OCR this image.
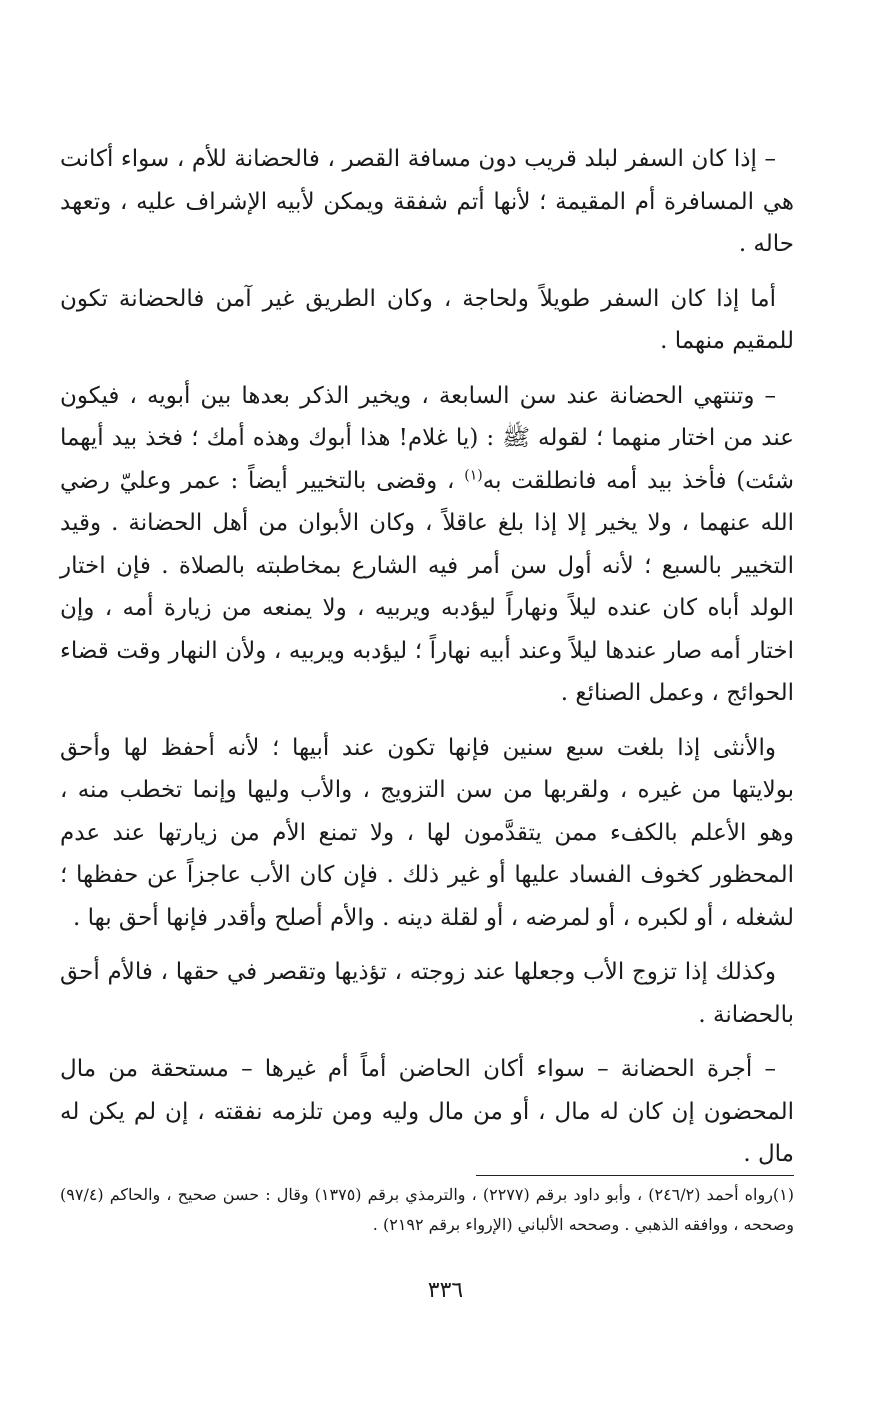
– إذا كان السفر لبلد قريب دون مسافة القصر ، فالحضانة للأم ، سواء أكانت هي المسافرة أم المقيمة ؛ لأنها أتم شفقة ويمكن لأبيه الإشراف عليه ، وتعهد حاله .

أما إذا كان السفر طويلاً ولحاجة ، وكان الطريق غير آمن فالحضانة تكون للمقيم منهما .

– وتنتهي الحضانة عند سن السابعة ، ويخير الذكر بعدها بين أبويه ، فيكون عند من اختار منهما ؛ لقوله ﷺ : (يا غلام! هذا أبوك وهذه أمك ؛ فخذ بيد أيهما شئت) فأخذ بيد أمه فانطلقت به$^{(١)}$ ، وقضى بالتخيير أيضاً : عمر وعليّ رضي الله عنهما ، ولا يخير إلا إذا بلغ عاقلاً ، وكان الأبوان من أهل الحضانة . وقيد التخيير بالسبع ؛ لأنه أول سن أمر فيه الشارع بمخاطبته بالصلاة . فإن اختار الولد أباه كان عنده ليلاً ونهاراً ليؤدبه ويربيه ، ولا يمنعه من زيارة أمه ، وإن اختار أمه صار عندها ليلاً وعند أبيه نهاراً ؛ ليؤدبه ويربيه ، ولأن النهار وقت قضاء الحوائج ، وعمل الصنائع .

والأنثى إذا بلغت سبع سنين فإنها تكون عند أبيها ؛ لأنه أحفظ لها وأحق بولايتها من غيره ، ولقربها من سن التزويج ، والأب وليها وإنما تخطب منه ، وهو الأعلم بالكفء ممن يتقدَّمون لها ، ولا تمنع الأم من زيارتها عند عدم المحظور كخوف الفساد عليها أو غير ذلك . فإن كان الأب عاجزاً عن حفظها ؛ لشغله ، أو لكبره ، أو لمرضه ، أو لقلة دينه . والأم أصلح وأقدر فإنها أحق بها .

وكذلك إذا تزوج الأب وجعلها عند زوجته ، تؤذيها وتقصر في حقها ، فالأم أحق بالحضانة .

– أجرة الحضانة – سواء أكان الحاضن أماً أم غيرها – مستحقة من مال المحضون إن كان له مال ، أو من مال وليه ومن تلزمه نفقته ، إن لم يكن له مال .

(١)رواه أحمد (٢٤٦/٢) ، وأبو داود برقم (٢٢٧٧) ، والترمذي برقم (١٣٧٥) وقال : حسن صحيح ، والحاكم (٩٧/٤) وصححه ، ووافقه الذهبي . وصححه الألباني (الإرواء برقم ٢١٩٢) .
٣٣٦
